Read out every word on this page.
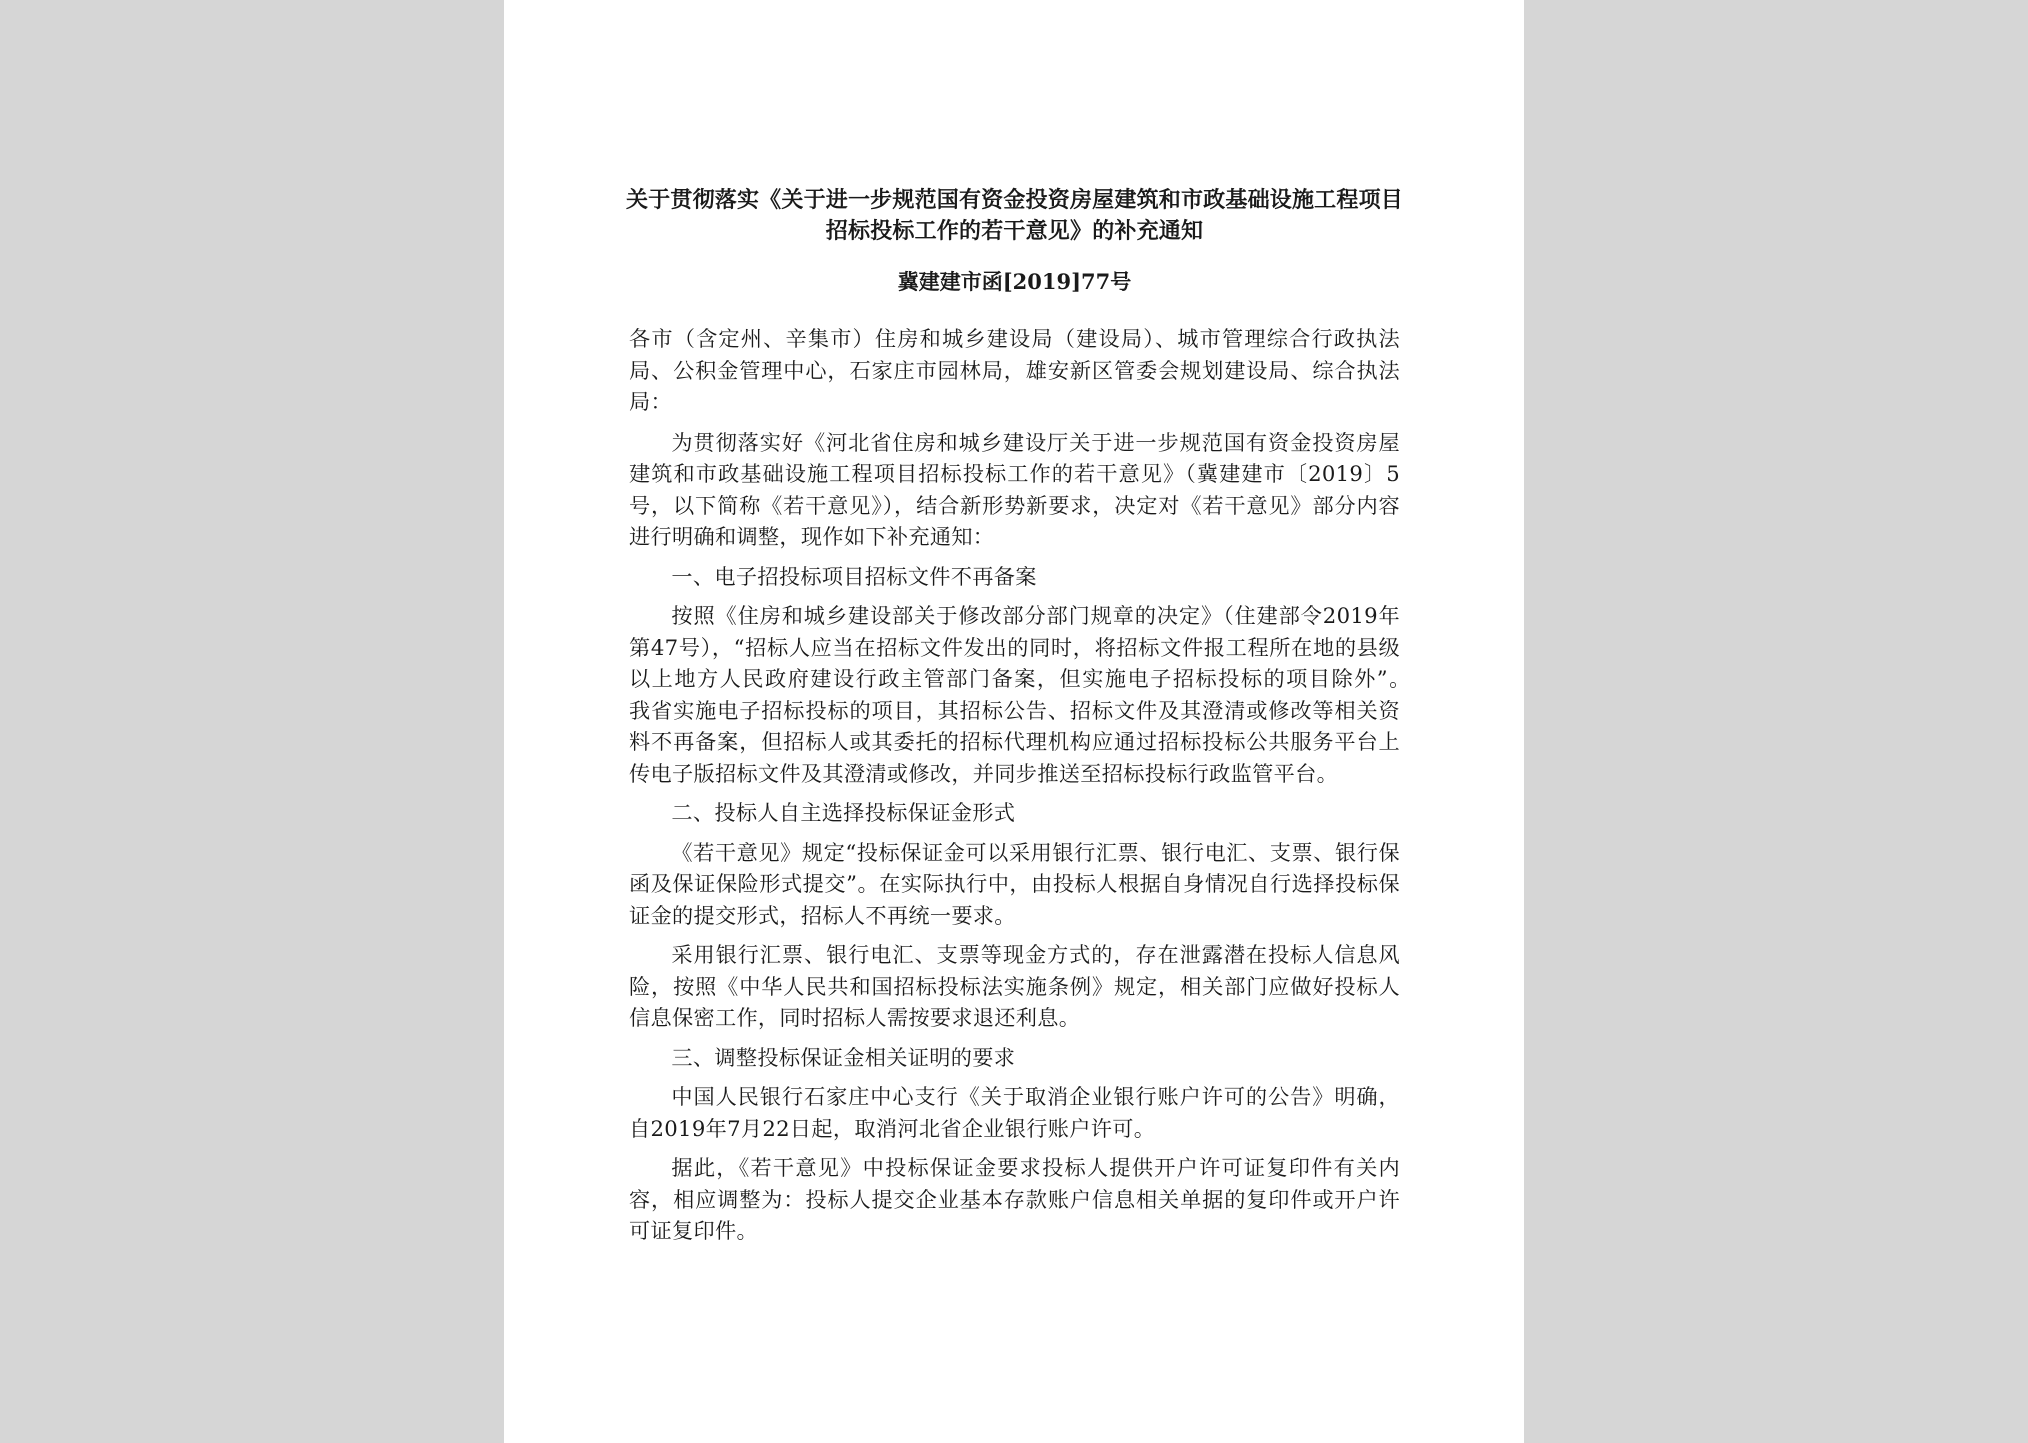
关于贯彻落实《关于进一步规范国有资金投资房屋建筑和市政基础设施工程项目招标投标工作的若干意见》的补充通知
冀建建市函[2019]77号
各市（含定州、辛集市）住房和城乡建设局（建设局）、城市管理综合行政执法局、公积金管理中心，石家庄市园林局，雄安新区管委会规划建设局、综合执法局：
为贯彻落实好《河北省住房和城乡建设厅关于进一步规范国有资金投资房屋建筑和市政基础设施工程项目招标投标工作的若干意见》（冀建建市〔2019〕5号，以下简称《若干意见》），结合新形势新要求，决定对《若干意见》部分内容进行明确和调整，现作如下补充通知：
一、电子招投标项目招标文件不再备案
按照《住房和城乡建设部关于修改部分部门规章的决定》（住建部令2019年第47号），“招标人应当在招标文件发出的同时，将招标文件报工程所在地的县级以上地方人民政府建设行政主管部门备案，但实施电子招标投标的项目除外”。　我省实施电子招标投标的项目，其招标公告、招标文件及其澄清或修改等相关资料不再备案，但招标人或其委托的招标代理机构应通过招标投标公共服务平台上传电子版招标文件及其澄清或修改，并同步推送至招标投标行政监管平台。
二、投标人自主选择投标保证金形式
《若干意见》规定“投标保证金可以采用银行汇票、银行电汇、支票、银行保函及保证保险形式提交”。在实际执行中，由投标人根据自身情况自行选择投标保证金的提交形式，招标人不再统一要求。
采用银行汇票、银行电汇、支票等现金方式的，存在泄露潜在投标人信息风险，按照《中华人民共和国招标投标法实施条例》规定，相关部门应做好投标人信息保密工作，同时招标人需按要求退还利息。
三、调整投标保证金相关证明的要求
中国人民银行石家庄中心支行《关于取消企业银行账户许可的公告》明确，自2019年7月22日起，取消河北省企业银行账户许可。
据此，《若干意见》中投标保证金要求投标人提供开户许可证复印件有关内容，相应调整为：投标人提交企业基本存款账户信息相关单据的复印件或开户许可证复印件。
